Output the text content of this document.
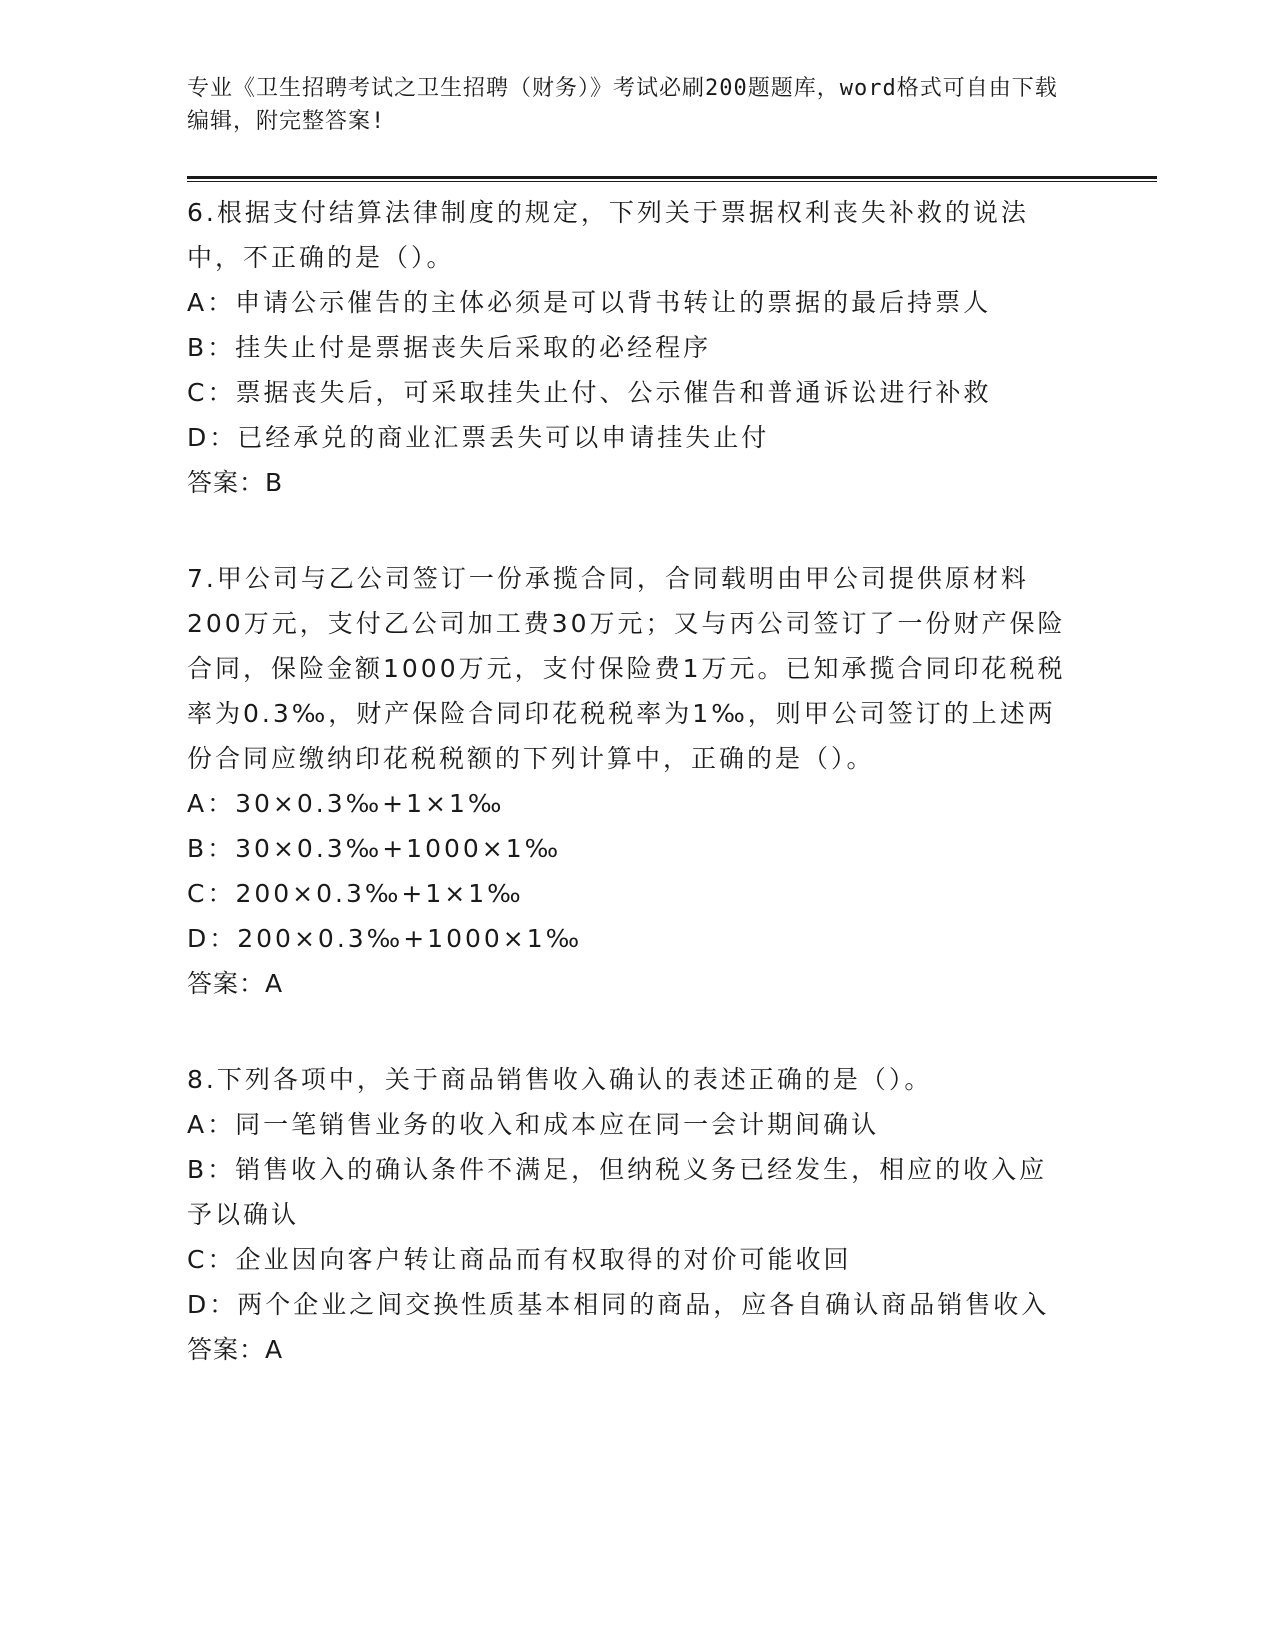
专业《卫生招聘考试之卫生招聘（财务）》考试必刷200题题库，word格式可自由下载编辑，附完整答案!

6.根据支付结算法律制度的规定，下列关于票据权利丧失补救的说法中，不正确的是（）。

A：申请公示催告的主体必须是可以背书转让的票据的最后持票人

B：挂失止付是票据丧失后采取的必经程序

C：票据丧失后，可采取挂失止付、公示催告和普通诉讼进行补救

D：已经承兑的商业汇票丢失可以申请挂失止付

答案：B

7.甲公司与乙公司签订一份承揽合同，合同载明由甲公司提供原材料200万元，支付乙公司加工费30万元；又与丙公司签订了一份财产保险合同，保险金额1000万元，支付保险费1万元。已知承揽合同印花税税率为0.3‰，财产保险合同印花税税率为1‰，则甲公司签订的上述两份合同应缴纳印花税税额的下列计算中，正确的是（）。

A：30×0.3‰+1×1‰

B：30×0.3‰+1000×1‰

C：200×0.3‰+1×1‰

D：200×0.3‰+1000×1‰

答案：A

8.下列各项中，关于商品销售收入确认的表述正确的是（）。

A：同一笔销售业务的收入和成本应在同一会计期间确认

B：销售收入的确认条件不满足，但纳税义务已经发生，相应的收入应予以确认

C：企业因向客户转让商品而有权取得的对价可能收回

D：两个企业之间交换性质基本相同的商品，应各自确认商品销售收入

答案：A
